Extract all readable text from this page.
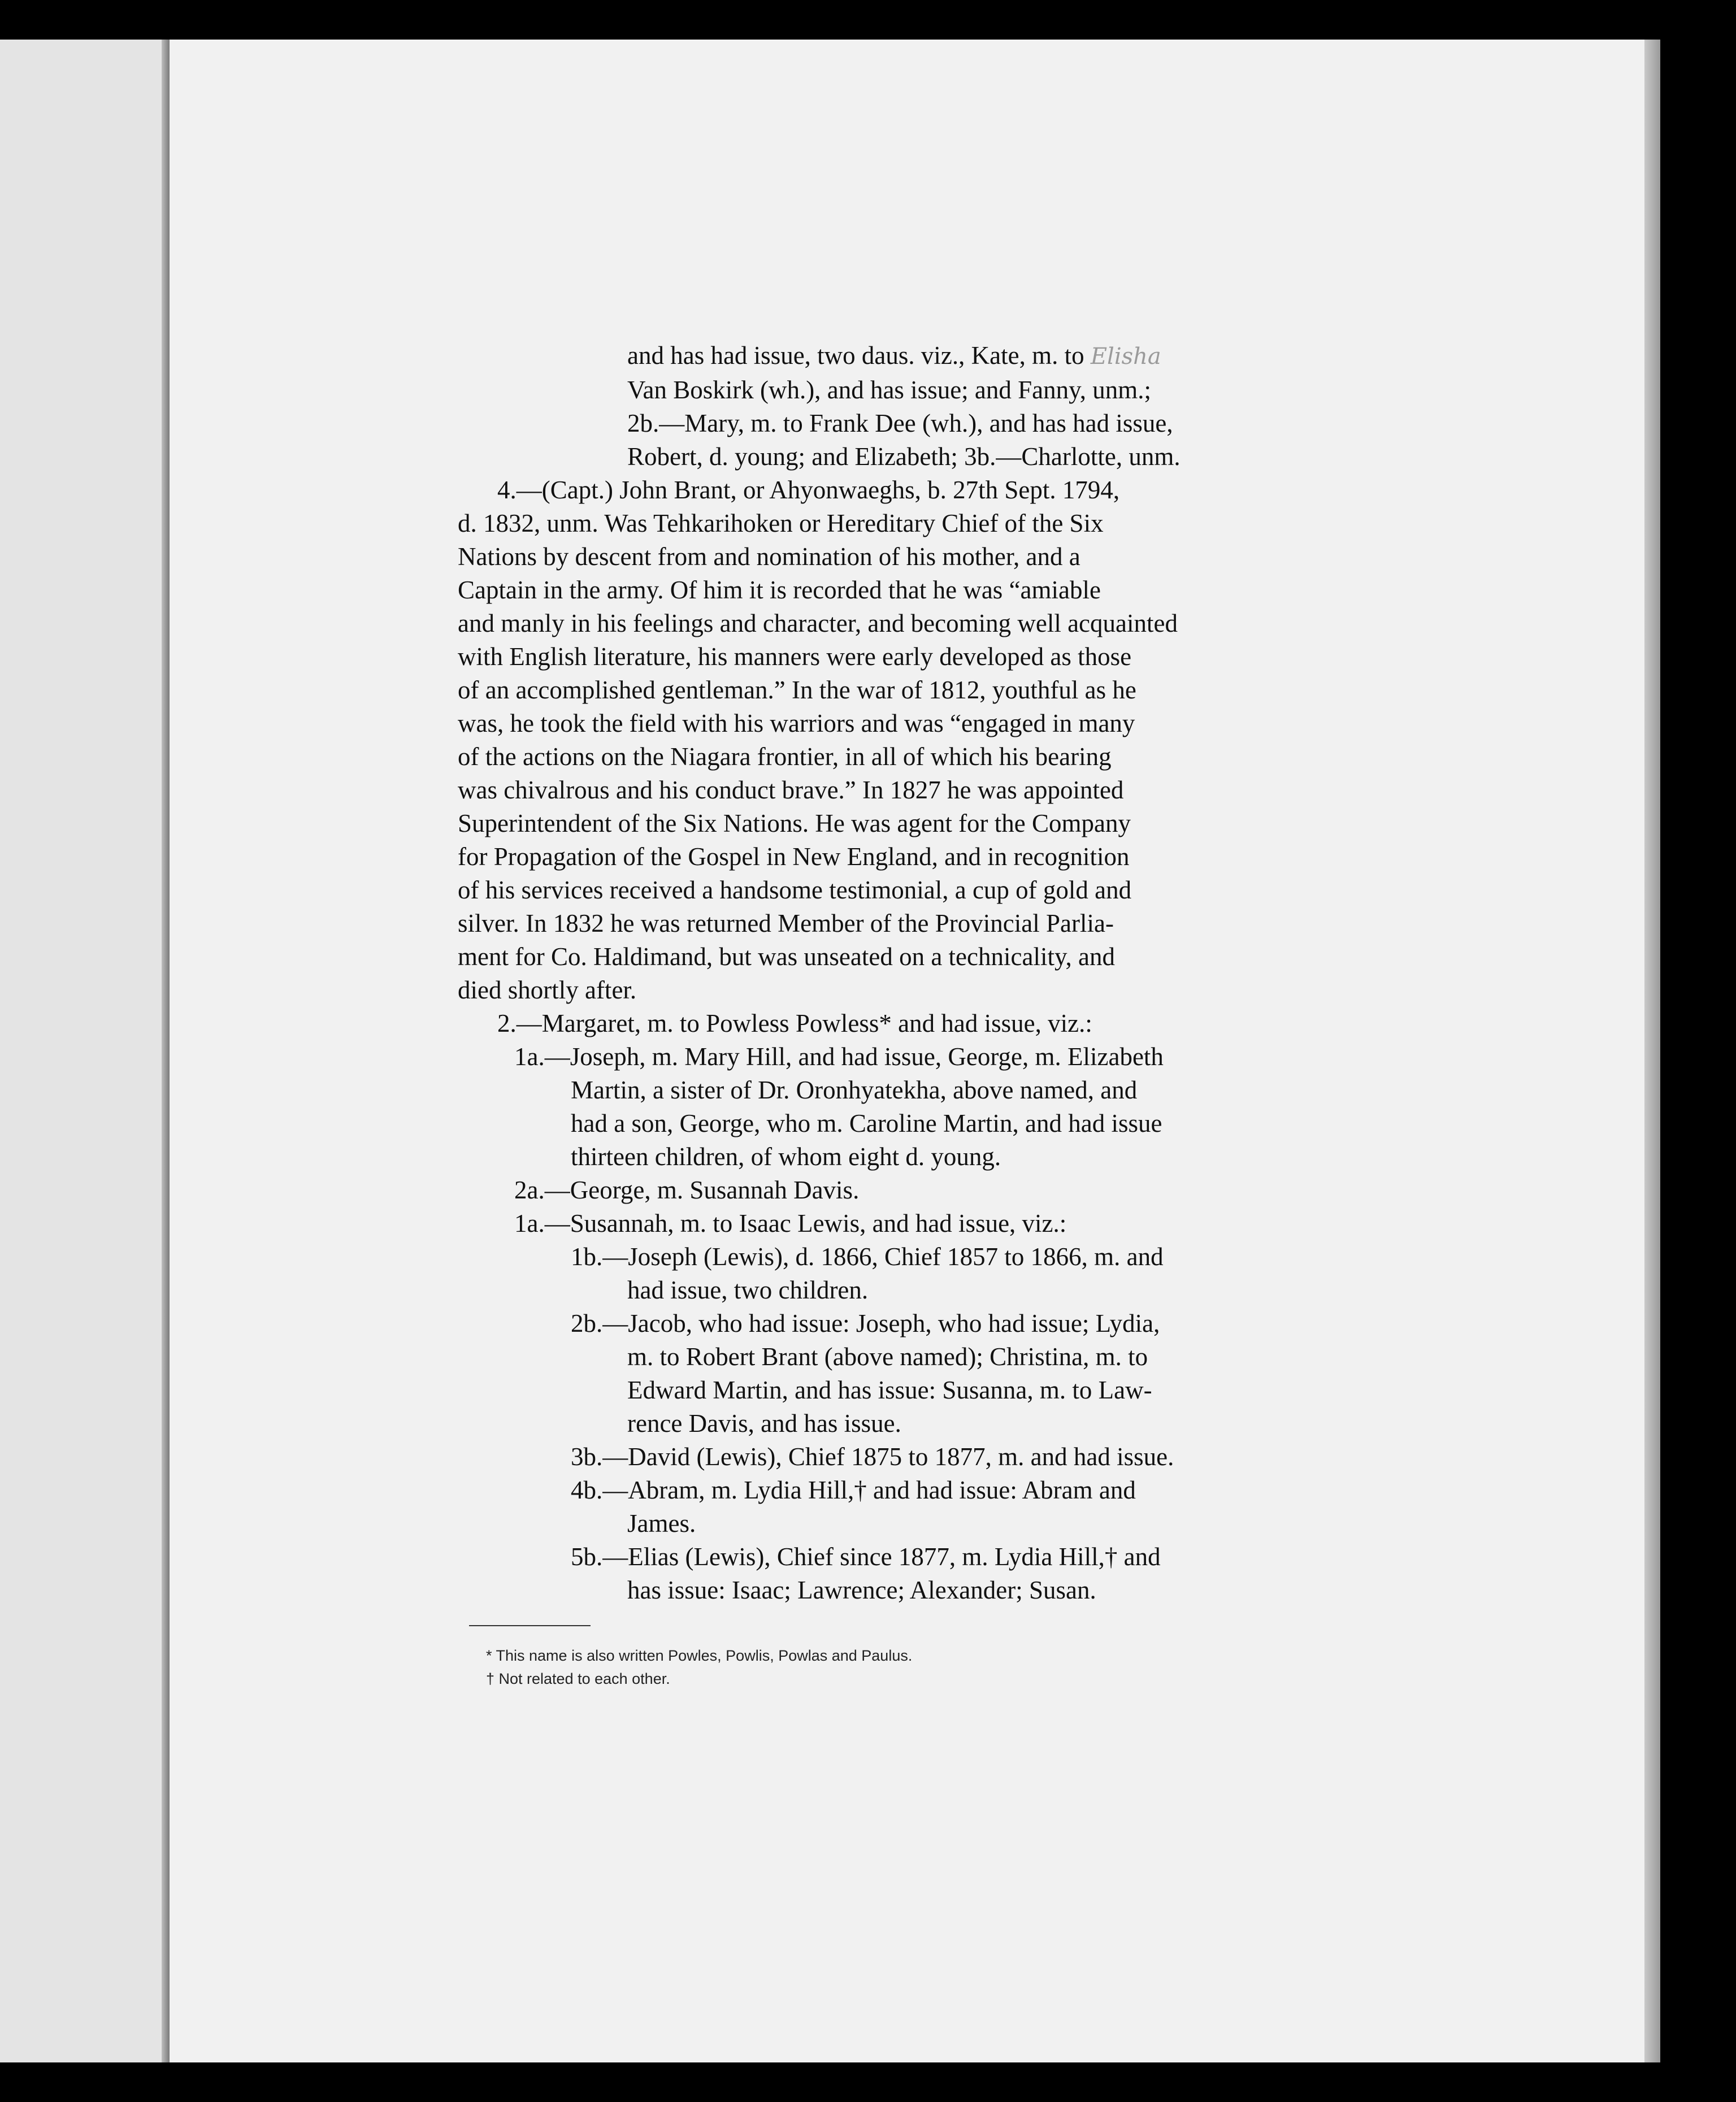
and has had issue, two daus. viz., Kate, m. to Elisha
Van Boskirk (wh.), and has issue; and Fanny, unm.;
2b.—Mary, m. to Frank Dee (wh.), and has had issue,
Robert, d. young; and Elizabeth; 3b.—Charlotte, unm.
4.—(Capt.) John Brant, or Ahyonwaeghs, b. 27th Sept. 1794,
d. 1832, unm. Was Tehkarihoken or Hereditary Chief of the Six
Nations by descent from and nomination of his mother, and a
Captain in the army. Of him it is recorded that he was “amiable
and manly in his feelings and character, and becoming well acquainted
with English literature, his manners were early developed as those
of an accomplished gentleman.” In the war of 1812, youthful as he
was, he took the field with his warriors and was “engaged in many
of the actions on the Niagara frontier, in all of which his bearing
was chivalrous and his conduct brave.” In 1827 he was appointed
Superintendent of the Six Nations. He was agent for the Company
for Propagation of the Gospel in New England, and in recognition
of his services received a handsome testimonial, a cup of gold and
silver. In 1832 he was returned Member of the Provincial Parlia-
ment for Co. Haldimand, but was unseated on a technicality, and
died shortly after.
2.—Margaret, m. to Powless Powless* and had issue, viz.:
1a.—Joseph, m. Mary Hill, and had issue, George, m. Elizabeth
Martin, a sister of Dr. Oronhyatekha, above named, and
had a son, George, who m. Caroline Martin, and had issue
thirteen children, of whom eight d. young.
2a.—George, m. Susannah Davis.
1a.—Susannah, m. to Isaac Lewis, and had issue, viz.:
1b.—Joseph (Lewis), d. 1866, Chief 1857 to 1866, m. and
had issue, two children.
2b.—Jacob, who had issue: Joseph, who had issue; Lydia,
m. to Robert Brant (above named); Christina, m. to
Edward Martin, and has issue: Susanna, m. to Law-
rence Davis, and has issue.
3b.—David (Lewis), Chief 1875 to 1877, m. and had issue.
4b.—Abram, m. Lydia Hill,† and had issue: Abram and
James.
5b.—Elias (Lewis), Chief since 1877, m. Lydia Hill,† and
has issue: Isaac; Lawrence; Alexander; Susan.
* This name is also written Powles, Powlis, Powlas and Paulus.
† Not related to each other.
